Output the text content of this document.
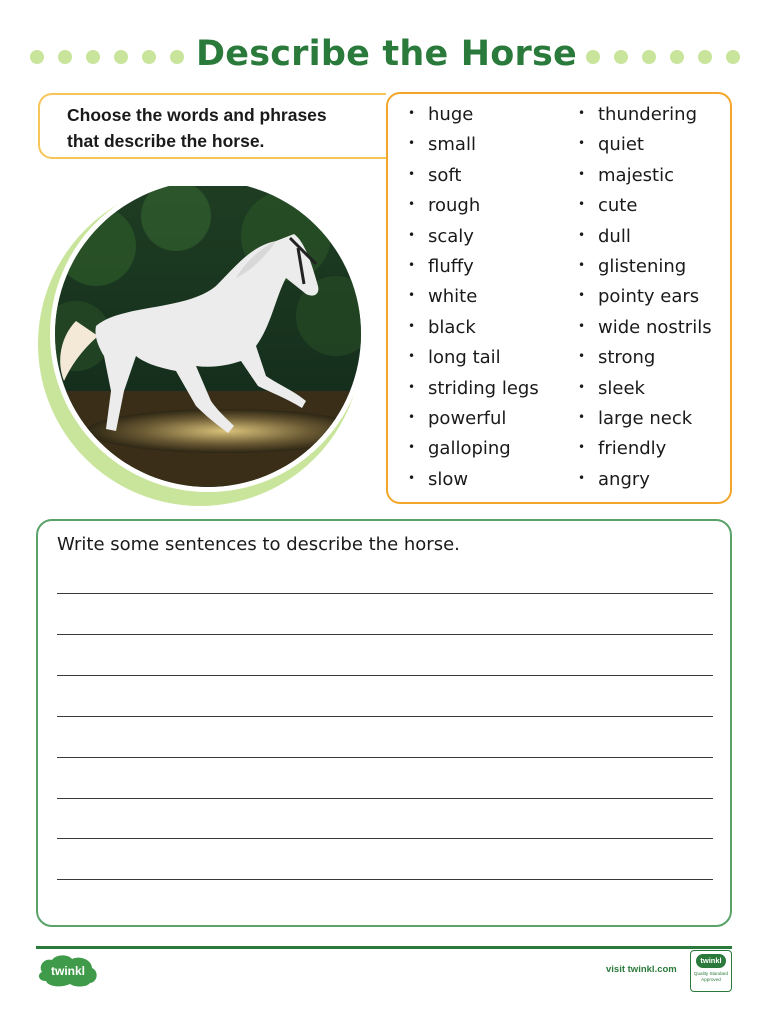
Describe the Horse
Choose the words and phrases
that describe the horse.
• huge
• small
• soft
• rough
• scaly
• fluffy
• white
• black
• long tail
• striding legs
• powerful
• galloping
• slow
• thundering
• quiet
• majestic
• cute
• dull
• glistening
• pointy ears
• wide nostrils
• strong
• sleek
• large neck
• friendly
• angry
Write some sentences to describe the horse.
twinkl	visit twinkl.com
twinkl
Quality Standard Approved
